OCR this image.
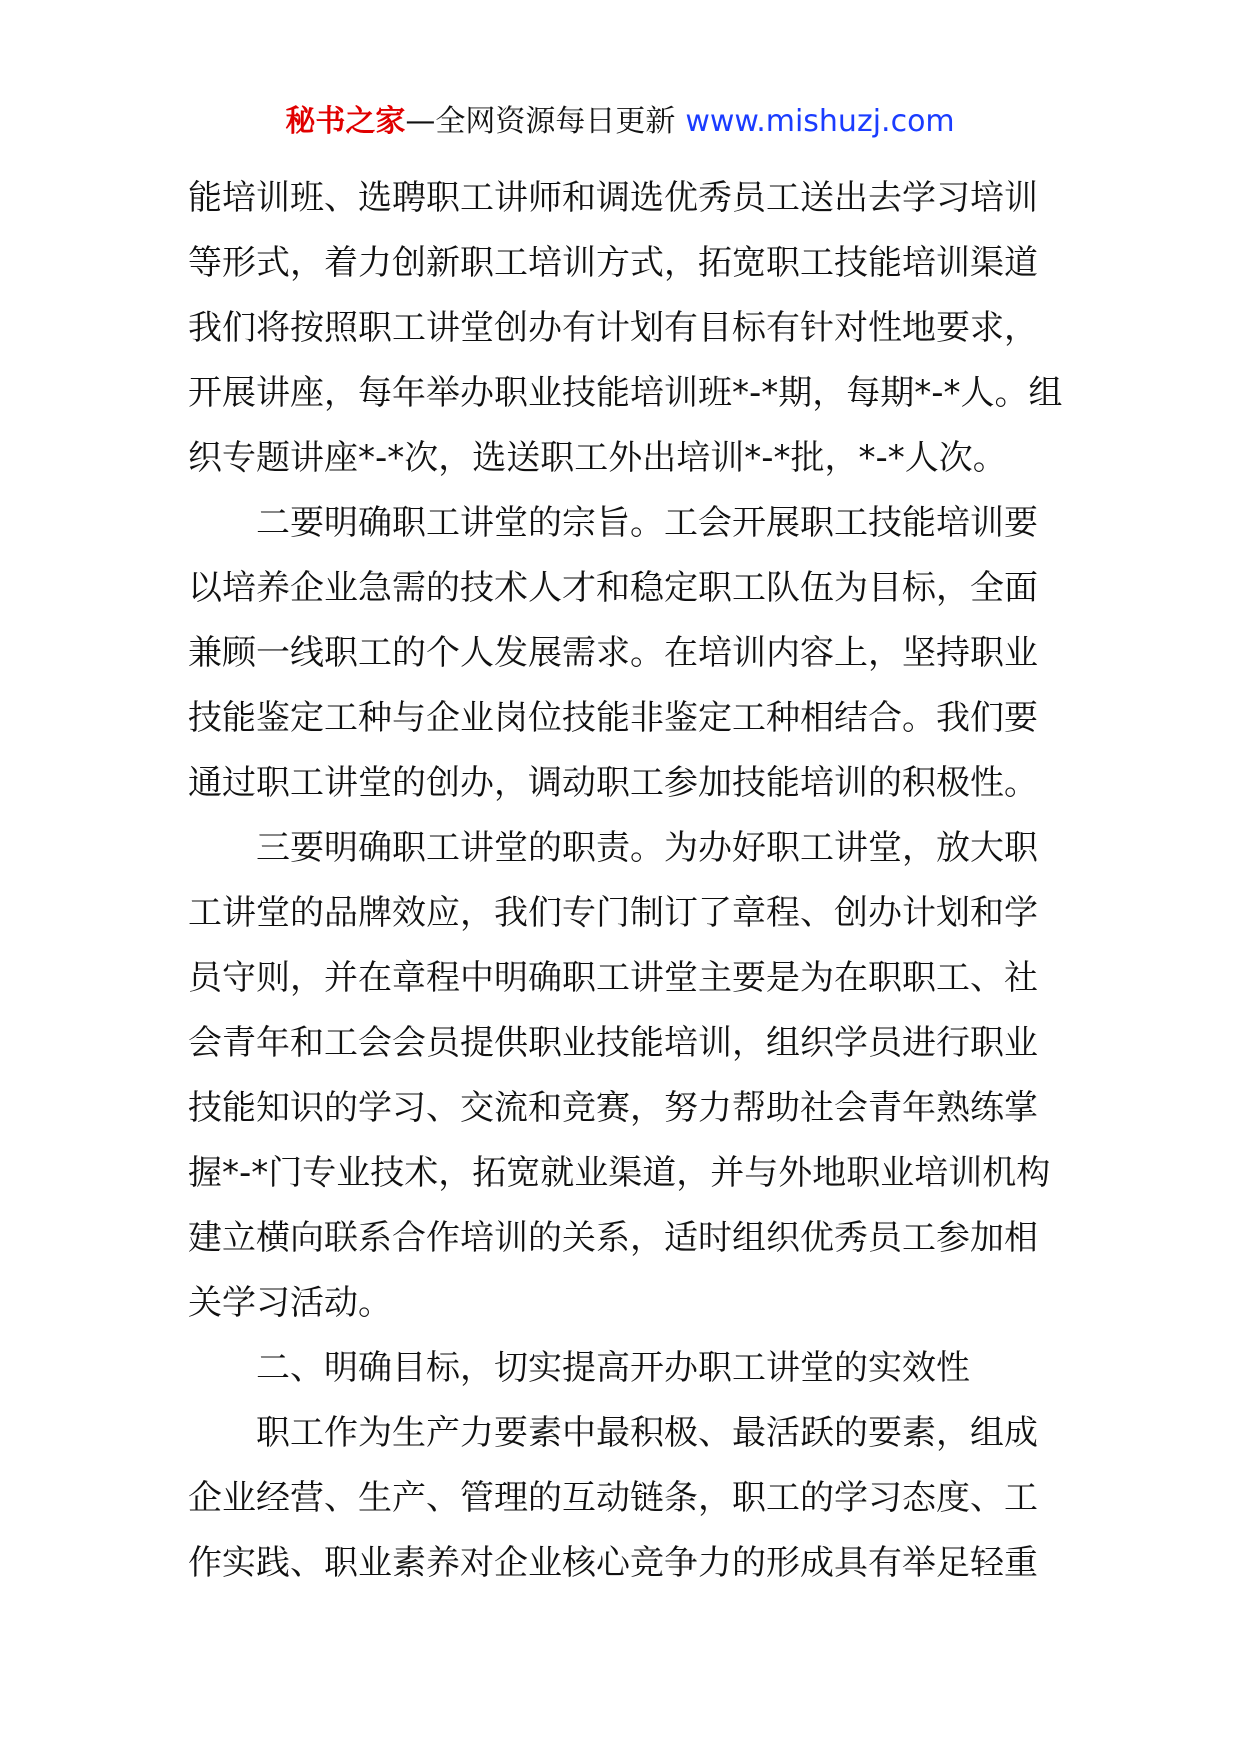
秘书之家—全网资源每日更新 www.mishuzj.com
能培训班、选聘职工讲师和调选优秀员工送出去学习培训
等形式，着力创新职工培训方式，拓宽职工技能培训渠道
我们将按照职工讲堂创办有计划有目标有针对性地要求，
开展讲座，每年举办职业技能培训班*-*期，每期*-*人。组
织专题讲座*-*次，选送职工外出培训*-*批，*-*人次。
二要明确职工讲堂的宗旨。工会开展职工技能培训要
以培养企业急需的技术人才和稳定职工队伍为目标，全面
兼顾一线职工的个人发展需求。在培训内容上，坚持职业
技能鉴定工种与企业岗位技能非鉴定工种相结合。我们要
通过职工讲堂的创办，调动职工参加技能培训的积极性。
三要明确职工讲堂的职责。为办好职工讲堂，放大职
工讲堂的品牌效应，我们专门制订了章程、创办计划和学
员守则，并在章程中明确职工讲堂主要是为在职职工、社
会青年和工会会员提供职业技能培训，组织学员进行职业
技能知识的学习、交流和竞赛，努力帮助社会青年熟练掌
握*-*门专业技术，拓宽就业渠道，并与外地职业培训机构
建立横向联系合作培训的关系，适时组织优秀员工参加相
关学习活动。
二、明确目标，切实提高开办职工讲堂的实效性
职工作为生产力要素中最积极、最活跃的要素，组成
企业经营、生产、管理的互动链条，职工的学习态度、工
作实践、职业素养对企业核心竞争力的形成具有举足轻重
